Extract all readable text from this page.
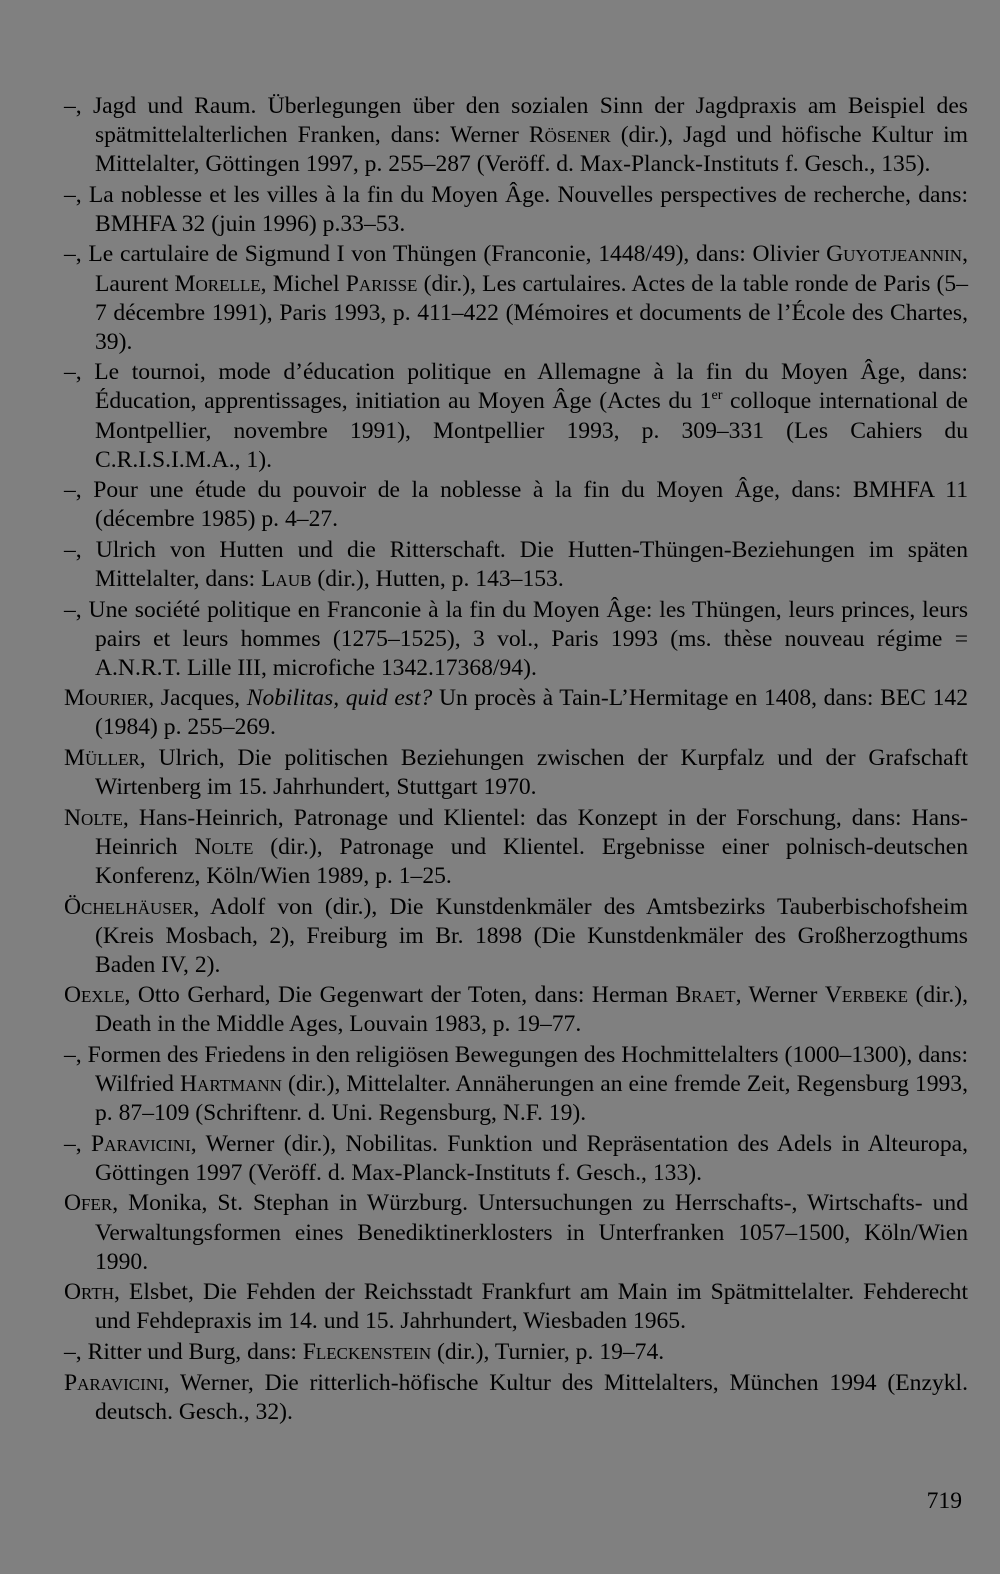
–, Jagd und Raum. Überlegungen über den sozialen Sinn der Jagdpraxis am Beispiel des spätmittelalterlichen Franken, dans: Werner Rösener (dir.), Jagd und höfische Kultur im Mittelalter, Göttingen 1997, p. 255–287 (Veröff. d. Max-Planck-Instituts f. Gesch., 135).

–, La noblesse et les villes à la fin du Moyen Âge. Nouvelles perspectives de recherche, dans: BMHFA 32 (juin 1996) p.33–53.

–, Le cartulaire de Sigmund I von Thüngen (Franconie, 1448/49), dans: Olivier Guyotjeannin, Laurent Morelle, Michel Parisse (dir.), Les cartulaires. Actes de la table ronde de Paris (5–7 décembre 1991), Paris 1993, p. 411–422 (Mémoires et documents de l’École des Chartes, 39).

–, Le tournoi, mode d’éducation politique en Allemagne à la fin du Moyen Âge, dans: Éducation, apprentissages, initiation au Moyen Âge (Actes du 1er colloque international de Montpellier, novembre 1991), Montpellier 1993, p. 309–331 (Les Cahiers du C.R.I.S.I.M.A., 1).

–, Pour une étude du pouvoir de la noblesse à la fin du Moyen Âge, dans: BMHFA 11 (décembre 1985) p. 4–27.

–, Ulrich von Hutten und die Ritterschaft. Die Hutten-Thüngen-Beziehungen im späten Mittelalter, dans: Laub (dir.), Hutten, p. 143–153.

–, Une société politique en Franconie à la fin du Moyen Âge: les Thüngen, leurs princes, leurs pairs et leurs hommes (1275–1525), 3 vol., Paris 1993 (ms. thèse nouveau régime = A.N.R.T. Lille III, microfiche 1342.17368/94).

Mourier, Jacques, Nobilitas, quid est? Un procès à Tain-L’Hermitage en 1408, dans: BEC 142 (1984) p. 255–269.

Müller, Ulrich, Die politischen Beziehungen zwischen der Kurpfalz und der Grafschaft Wirtenberg im 15. Jahrhundert, Stuttgart 1970.

Nolte, Hans-Heinrich, Patronage und Klientel: das Konzept in der Forschung, dans: Hans-Heinrich Nolte (dir.), Patronage und Klientel. Ergebnisse einer polnisch-deutschen Konferenz, Köln/Wien 1989, p. 1–25.

Öchelhäuser, Adolf von (dir.), Die Kunstdenkmäler des Amtsbezirks Tauberbischofsheim (Kreis Mosbach, 2), Freiburg im Br. 1898 (Die Kunstdenkmäler des Großherzogthums Baden IV, 2).

Oexle, Otto Gerhard, Die Gegenwart der Toten, dans: Herman Braet, Werner Verbeke (dir.), Death in the Middle Ages, Louvain 1983, p. 19–77.

–, Formen des Friedens in den religiösen Bewegungen des Hochmittelalters (1000–1300), dans: Wilfried Hartmann (dir.), Mittelalter. Annäherungen an eine fremde Zeit, Regensburg 1993, p. 87–109 (Schriftenr. d. Uni. Regensburg, N.F. 19).

–, Paravicini, Werner (dir.), Nobilitas. Funktion und Repräsentation des Adels in Alteuropa, Göttingen 1997 (Veröff. d. Max-Planck-Instituts f. Gesch., 133).

Ofer, Monika, St. Stephan in Würzburg. Untersuchungen zu Herrschafts-, Wirtschafts- und Verwaltungsformen eines Benediktinerklosters in Unterfranken 1057–1500, Köln/Wien 1990.

Orth, Elsbet, Die Fehden der Reichsstadt Frankfurt am Main im Spätmittelalter. Fehderecht und Fehdepraxis im 14. und 15. Jahrhundert, Wiesbaden 1965.

–, Ritter und Burg, dans: Fleckenstein (dir.), Turnier, p. 19–74.

Paravicini, Werner, Die ritterlich-höfische Kultur des Mittelalters, München 1994 (Enzykl. deutsch. Gesch., 32).

719
